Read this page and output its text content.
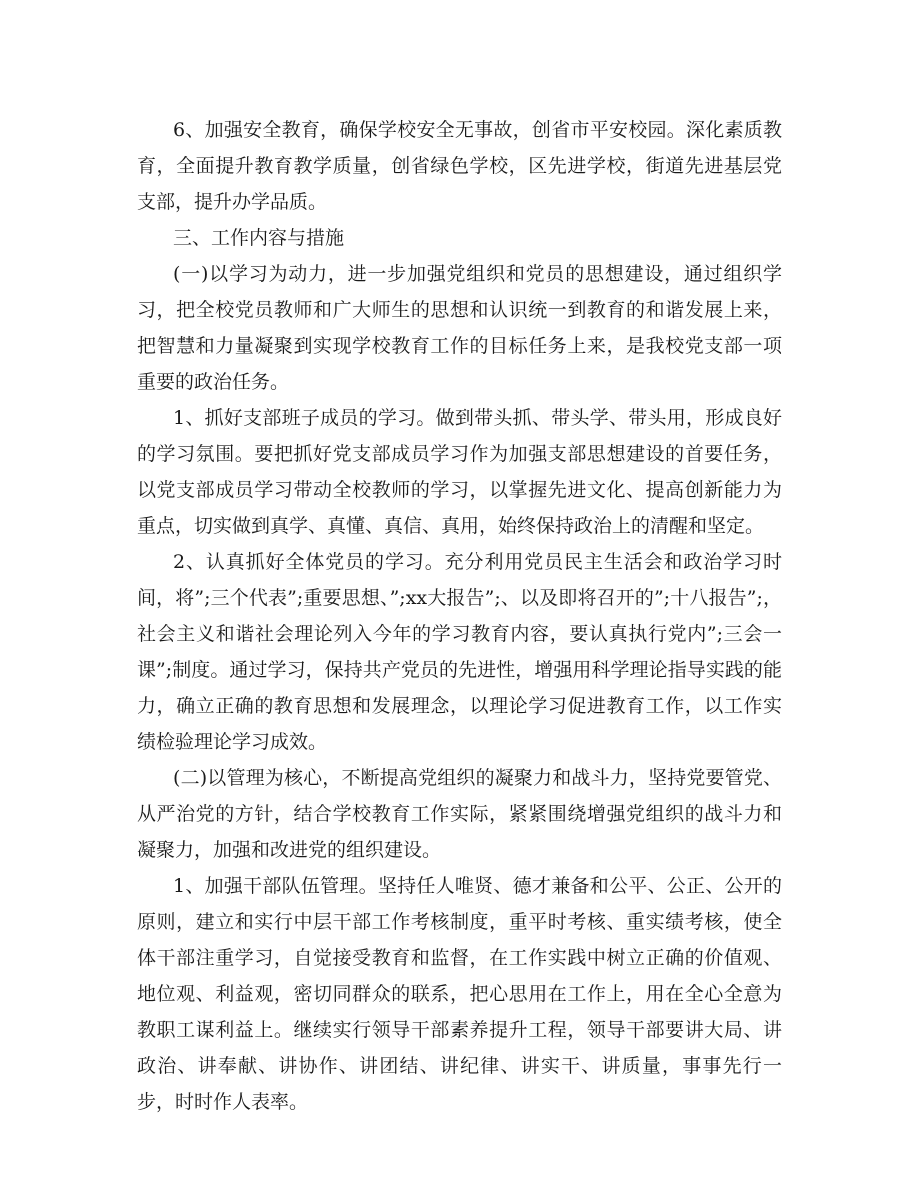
6、加强安全教育，确保学校安全无事故，创省市平安校园。深化素质教育，全面提升教育教学质量，创省绿色学校，区先进学校，街道先进基层党支部，提升办学品质。

三、工作内容与措施

(一)以学习为动力，进一步加强党组织和党员的思想建设，通过组织学习，把全校党员教师和广大师生的思想和认识统一到教育的和谐发展上来，把智慧和力量凝聚到实现学校教育工作的目标任务上来，是我校党支部一项重要的政治任务。

1、抓好支部班子成员的学习。做到带头抓、带头学、带头用，形成良好的学习氛围。要把抓好党支部成员学习作为加强支部思想建设的首要任务，以党支部成员学习带动全校教师的学习，以掌握先进文化、提高创新能力为重点，切实做到真学、真懂、真信、真用，始终保持政治上的清醒和坚定。

2、认真抓好全体党员的学习。充分利用党员民主生活会和政治学习时间，将”;三个代表”;重要思想、”;xx大报告”;、以及即将召开的”;十八报告”;，社会主义和谐社会理论列入今年的学习教育内容，要认真执行党内”;三会一课”;制度。通过学习，保持共产党员的先进性，增强用科学理论指导实践的能力，确立正确的教育思想和发展理念，以理论学习促进教育工作，以工作实绩检验理论学习成效。

(二)以管理为核心，不断提高党组织的凝聚力和战斗力，坚持党要管党、从严治党的方针，结合学校教育工作实际，紧紧围绕增强党组织的战斗力和凝聚力，加强和改进党的组织建设。

1、加强干部队伍管理。坚持任人唯贤、德才兼备和公平、公正、公开的原则，建立和实行中层干部工作考核制度，重平时考核、重实绩考核，使全体干部注重学习，自觉接受教育和监督，在工作实践中树立正确的价值观、地位观、利益观，密切同群众的联系，把心思用在工作上，用在全心全意为教职工谋利益上。继续实行领导干部素养提升工程，领导干部要讲大局、讲政治、讲奉献、讲协作、讲团结、讲纪律、讲实干、讲质量，事事先行一步，时时作人表率。
